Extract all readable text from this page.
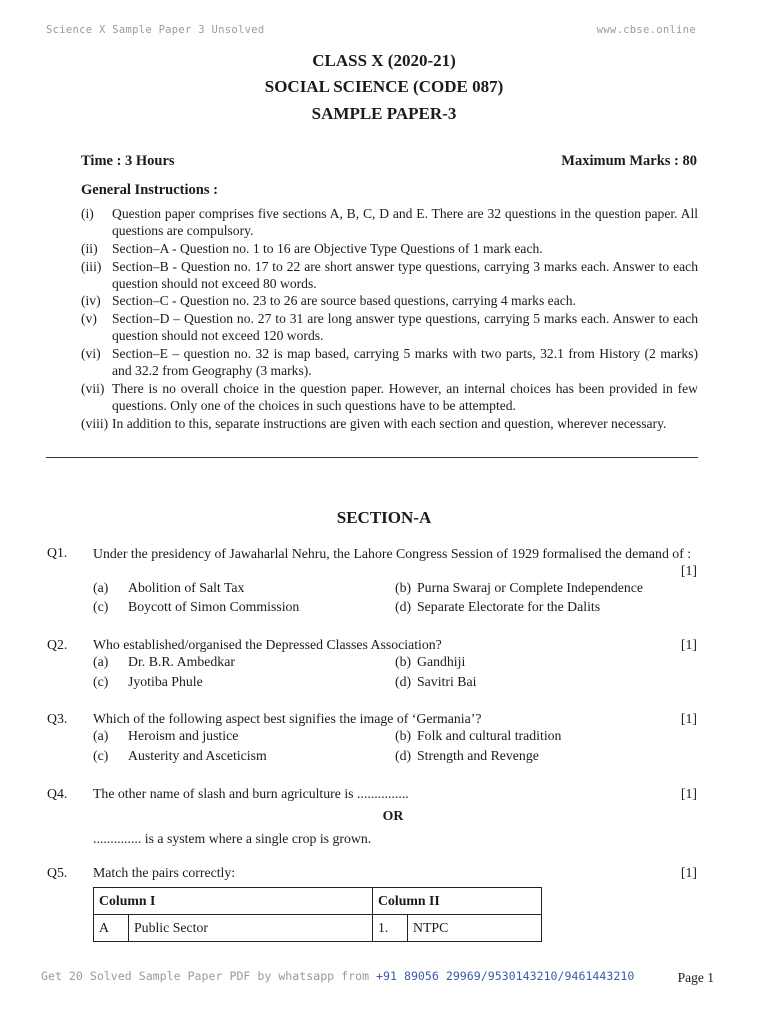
Science X Sample Paper 3 Unsolved	www.cbse.online
CLASS X (2020-21)
SOCIAL SCIENCE (CODE 087)
SAMPLE PAPER-3
Time : 3 Hours	Maximum Marks : 80
General Instructions :
(i)	Question paper comprises five sections A, B, C, D and E. There are 32 questions in the question paper. All questions are compulsory.
(ii)	Section–A - Question no. 1 to 16 are Objective Type Questions of 1 mark each.
(iii) Section–B - Question no. 17 to 22 are short answer type questions, carrying 3 marks each. Answer to each question should not exceed 80 words.
(iv) Section–C - Question no. 23 to 26 are source based questions, carrying 4 marks each.
(v)	Section–D – Question no. 27 to 31 are long answer type questions, carrying 5 marks each. Answer to each question should not exceed 120 words.
(vi) Section–E – question no. 32 is map based, carrying 5 marks with two parts, 32.1 from History (2 marks) and 32.2 from Geography (3 marks).
(vii) There is no overall choice in the question paper. However, an internal choices has been provided in few questions. Only one of the choices in such questions have to be attempted.
(viii) In addition to this, separate instructions are given with each section and question, wherever necessary.
SECTION-A
Q1. Under the presidency of Jawaharlal Nehru, the Lahore Congress Session of 1929 formalised the demand of :
[1]
(a) Abolition of Salt Tax	(b) Purna Swaraj or Complete Independence
(c) Boycott of Simon Commission	(d) Separate Electorate for the Dalits
Q2. Who established/organised the Depressed Classes Association?	[1]
(a) Dr. B.R. Ambedkar	(b) Gandhiji
(c) Jyotiba Phule	(d) Savitri Bai
Q3. Which of the following aspect best signifies the image of ‘Germania’?	[1]
(a) Heroism and justice	(b) Folk and cultural tradition
(c) Austerity and Asceticism	(d) Strength and Revenge
Q4. The other name of slash and burn agriculture is ...............	[1]
OR
.............. is a system where a single crop is grown.
Q5. Match the pairs correctly:	[1]
Column I		Column II	
A	Public Sector	1.	NTPC
Get 20 Solved Sample Paper PDF by whatsapp from +91 89056 29969/9530143210/9461443210	Page 1
